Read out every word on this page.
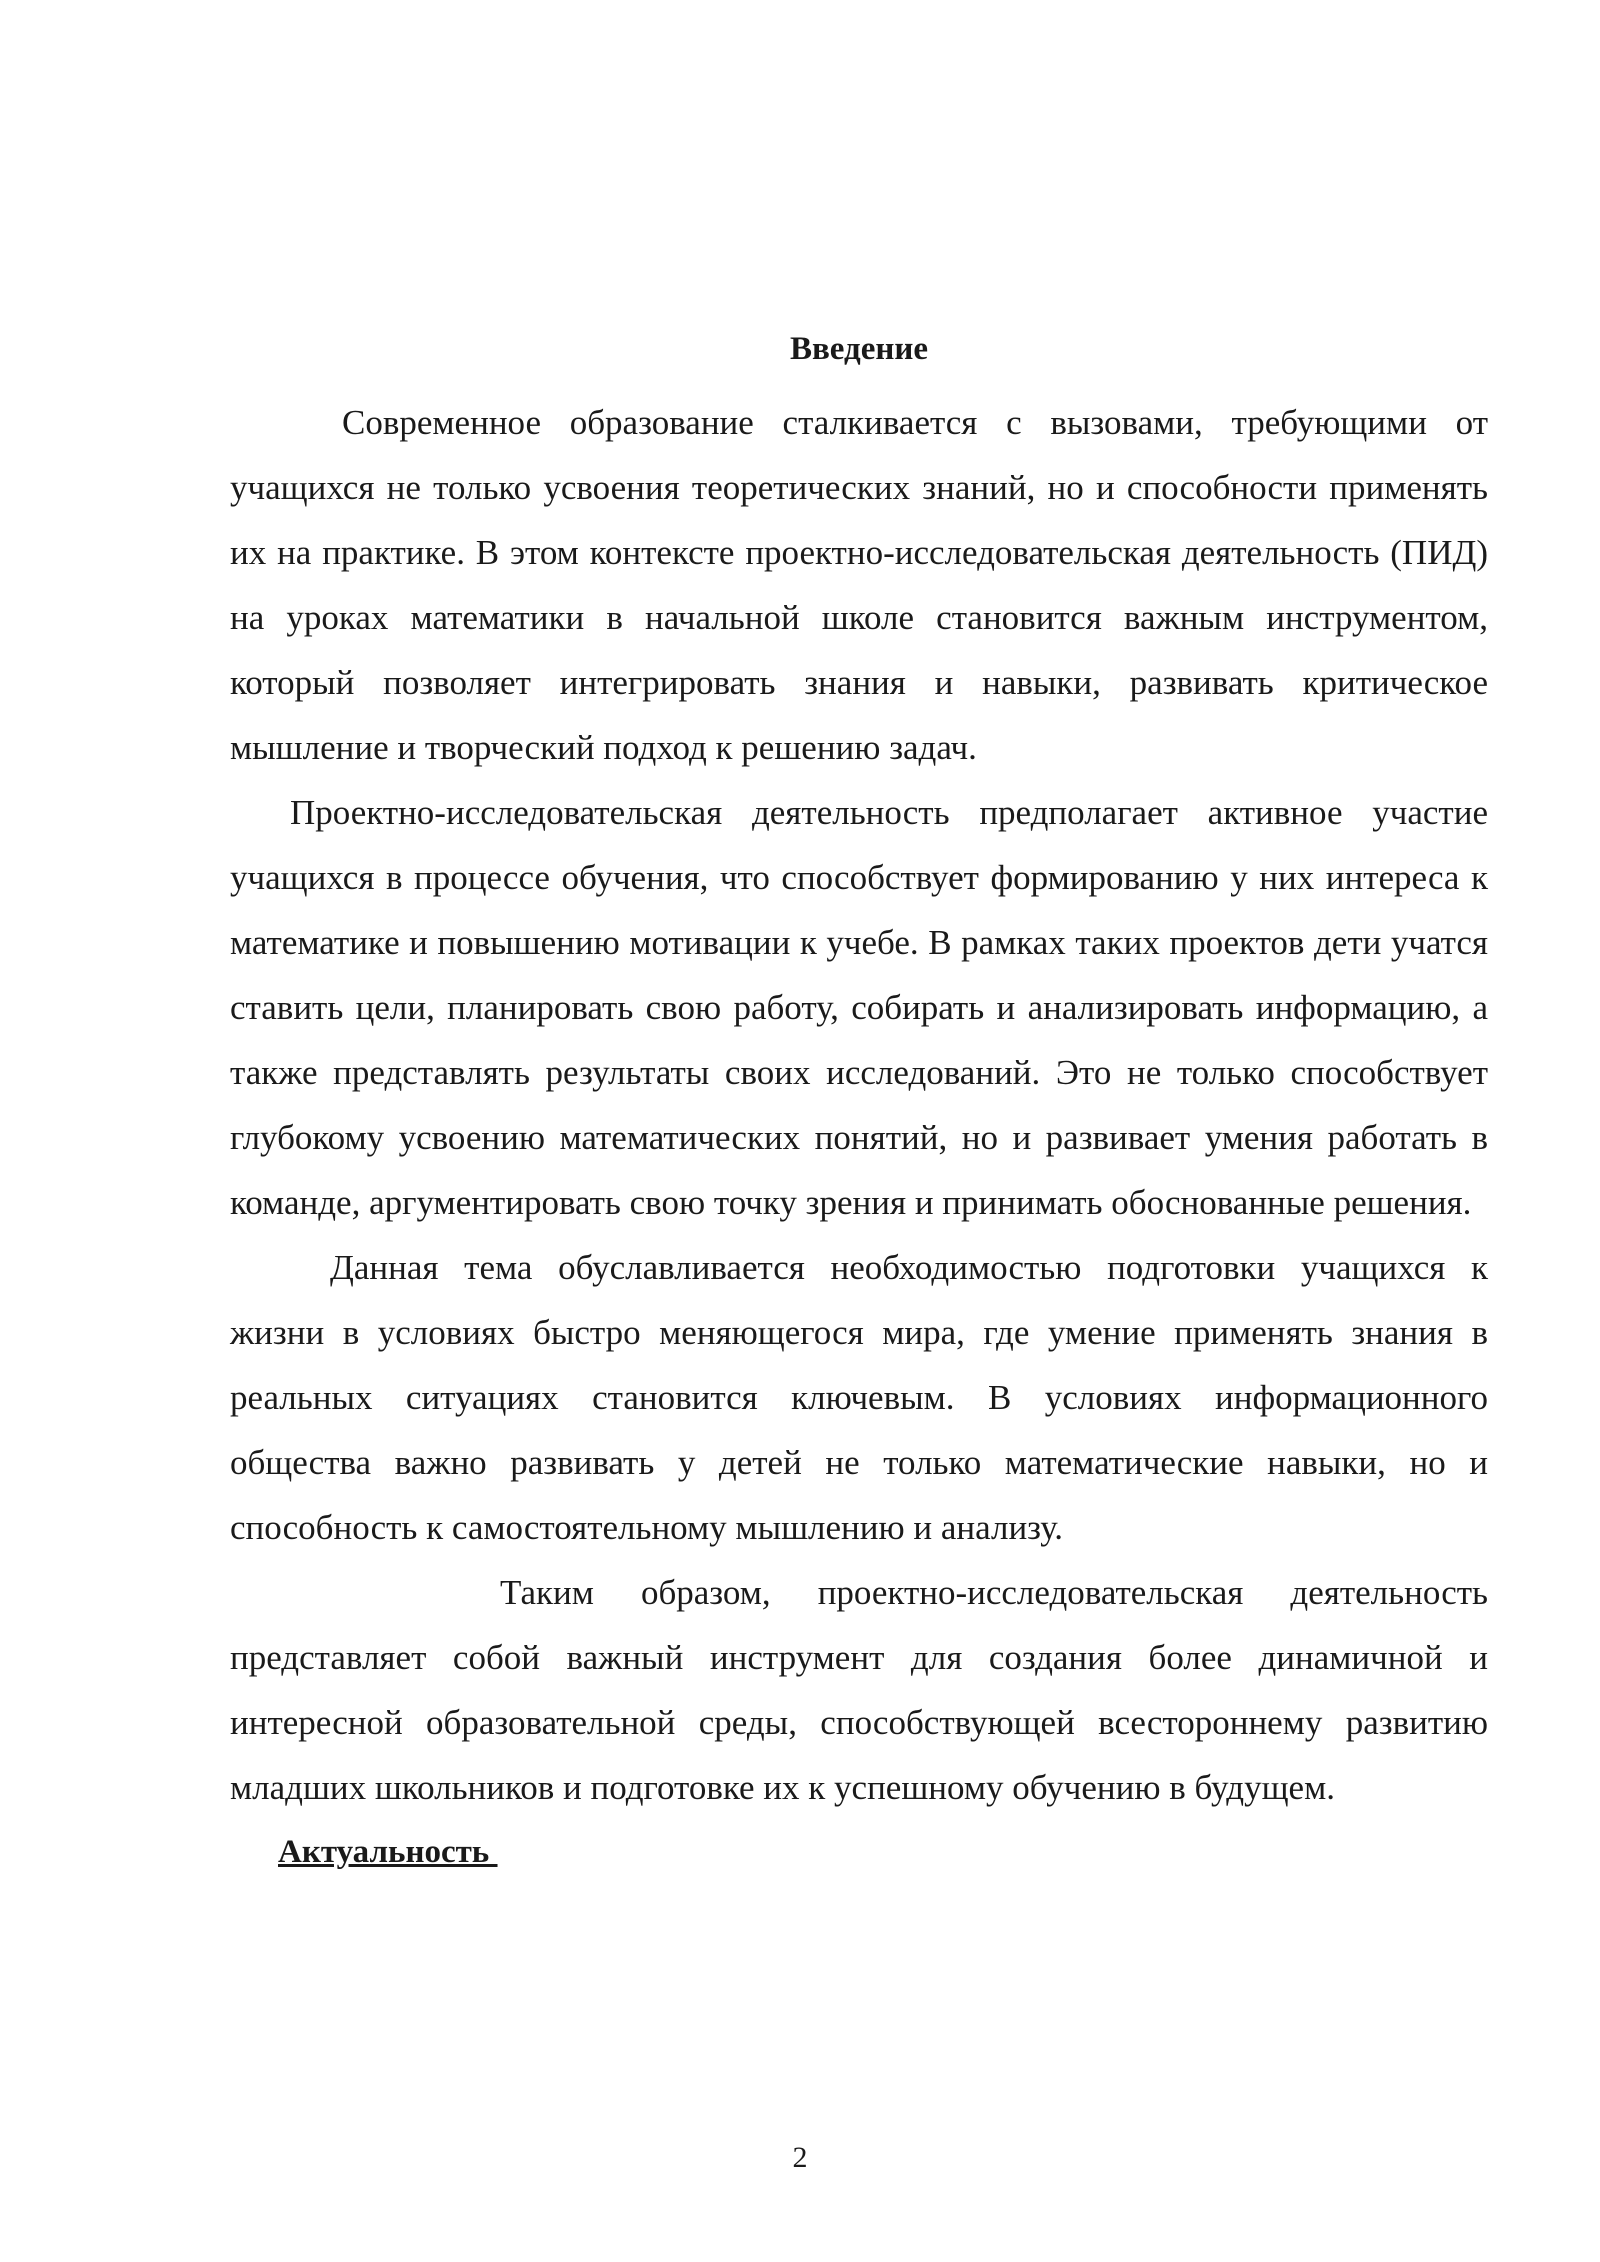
Введение

Современное образование сталкивается с вызовами, требующими от учащихся не только усвоения теоретических знаний, но и способности применять их на практике. В этом контексте проектно-исследовательская деятельность (ПИД) на уроках математики в начальной школе становится важным инструментом, который позволяет интегрировать знания и навыки, развивать критическое мышление и творческий подход к решению задач.

Проектно-исследовательская деятельность предполагает активное участие учащихся в процессе обучения, что способствует формированию у них интереса к математике и повышению мотивации к учебе. В рамках таких проектов дети учатся ставить цели, планировать свою работу, собирать и анализировать информацию, а также представлять результаты своих исследований. Это не только способствует глубокому усвоению математических понятий, но и развивает умения работать в команде, аргументировать свою точку зрения и принимать обоснованные решения.

Данная тема обуславливается необходимостью подготовки учащихся к жизни в условиях быстро меняющегося мира, где умение применять знания в реальных ситуациях становится ключевым. В условиях информационного общества важно развивать у детей не только математические навыки, но и способность к самостоятельному мышлению и анализу.

Таким образом, проектно-исследовательская деятельность представляет собой важный инструмент для создания более динамичной и интересной образовательной среды, способствующей всестороннему развитию младших школьников и подготовке их к успешному обучению в будущем.

Актуальность
2
